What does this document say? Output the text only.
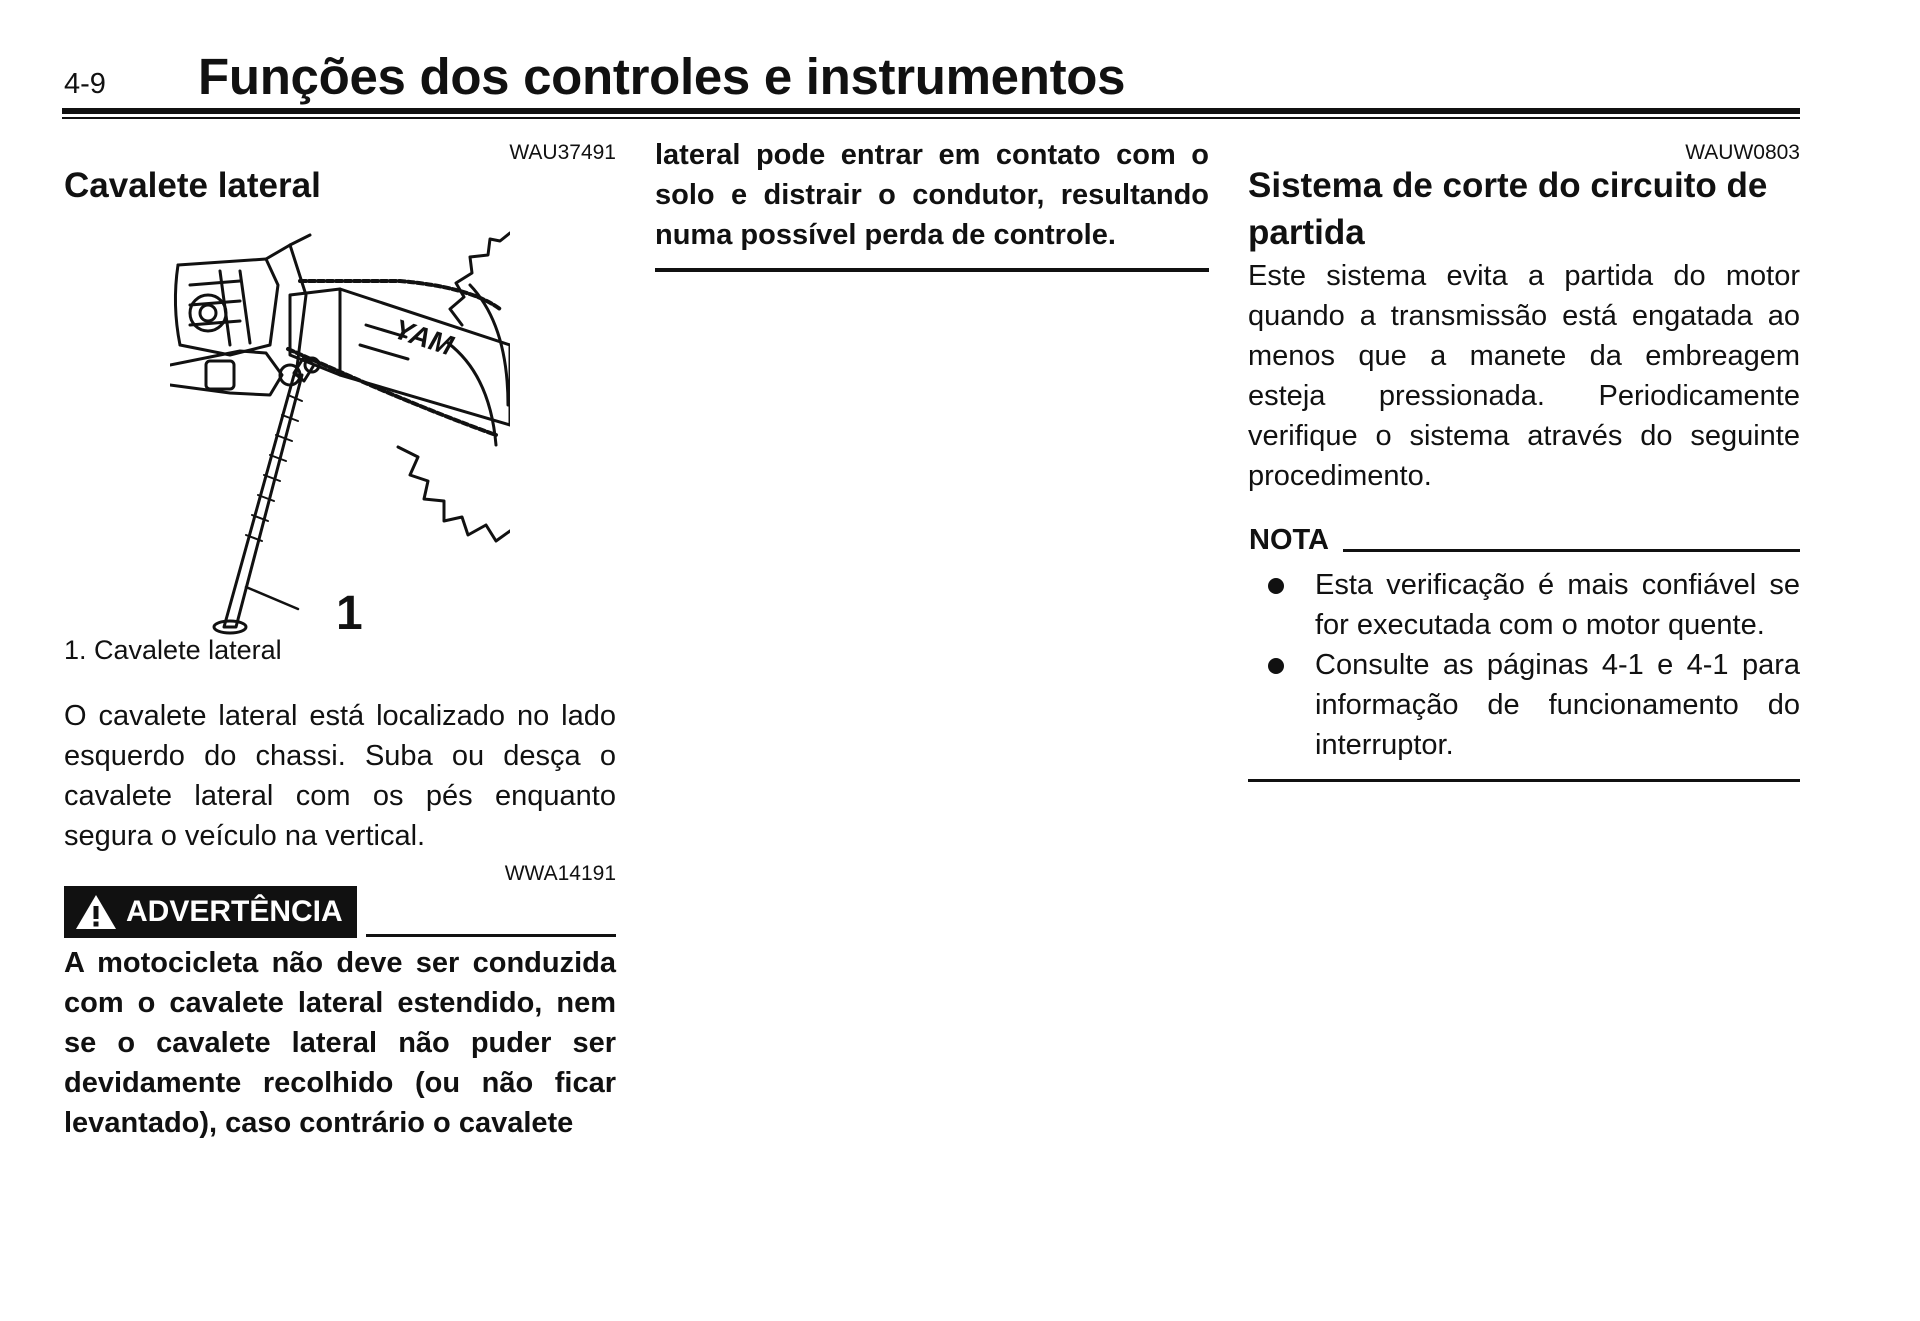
4-9 Funções dos controles e instrumentos
WAU37491
Cavalete lateral
YAM
1
1. Cavalete lateral
O cavalete lateral está localizado no lado esquerdo do chassi. Suba ou desça o cavalete lateral com os pés enquanto segura o veículo na vertical.
WWA14191
ADVERTÊNCIA
A motocicleta não deve ser conduzida com o cavalete lateral estendido, nem se o cavalete lateral não puder ser devidamente recolhido (ou não ficar levantado), caso contrário o cavalete
lateral pode entrar em contato com o solo e distrair o condutor, resultando numa possível perda de controle.
WAUW0803
Sistema de corte do circuito de partida
Este sistema evita a partida do motor quando a transmissão está engatada ao menos que a manete da embreagem esteja pressionada. Periodicamente verifique o sistema através do seguinte procedimento.
NOTA
Esta verificação é mais confiável se for executada com o motor quente.
Consulte as páginas 4-1 e 4-1 para informação de funcionamento do interruptor.
